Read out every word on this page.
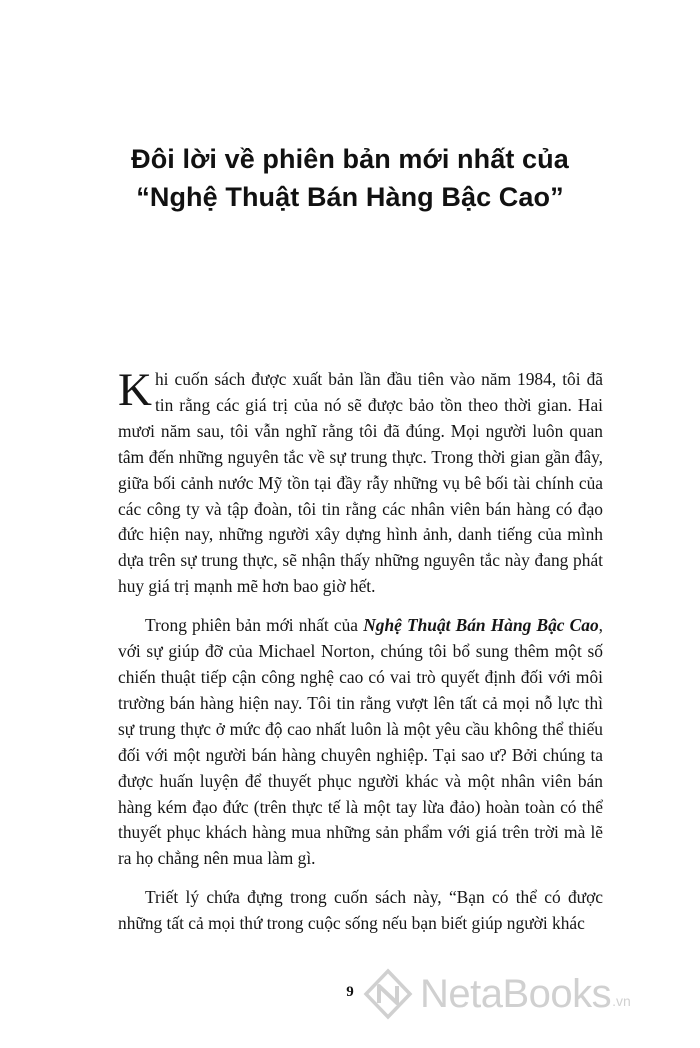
Đôi lời về phiên bản mới nhất của
“Nghệ Thuật Bán Hàng Bậc Cao”

Khi cuốn sách được xuất bản lần đầu tiên vào năm 1984, tôi đã tin rằng các giá trị của nó sẽ được bảo tồn theo thời gian. Hai mươi năm sau, tôi vẫn nghĩ rằng tôi đã đúng. Mọi người luôn quan tâm đến những nguyên tắc về sự trung thực. Trong thời gian gần đây, giữa bối cảnh nước Mỹ tồn tại đầy rẫy những vụ bê bối tài chính của các công ty và tập đoàn, tôi tin rằng các nhân viên bán hàng có đạo đức hiện nay, những người xây dựng hình ảnh, danh tiếng của mình dựa trên sự trung thực, sẽ nhận thấy những nguyên tắc này đang phát huy giá trị mạnh mẽ hơn bao giờ hết.

Trong phiên bản mới nhất của Nghệ Thuật Bán Hàng Bậc Cao, với sự giúp đỡ của Michael Norton, chúng tôi bổ sung thêm một số chiến thuật tiếp cận công nghệ cao có vai trò quyết định đối với môi trường bán hàng hiện nay. Tôi tin rằng vượt lên tất cả mọi nỗ lực thì sự trung thực ở mức độ cao nhất luôn là một yêu cầu không thể thiếu đối với một người bán hàng chuyên nghiệp. Tại sao ư? Bởi chúng ta được huấn luyện để thuyết phục người khác và một nhân viên bán hàng kém đạo đức (trên thực tế là một tay lừa đảo) hoàn toàn có thể thuyết phục khách hàng mua những sản phẩm với giá trên trời mà lẽ ra họ chẳng nên mua làm gì.

Triết lý chứa đựng trong cuốn sách này, “Bạn có thể có được những tất cả mọi thứ trong cuộc sống nếu bạn biết giúp người khác

9	NetaBooks .vn
